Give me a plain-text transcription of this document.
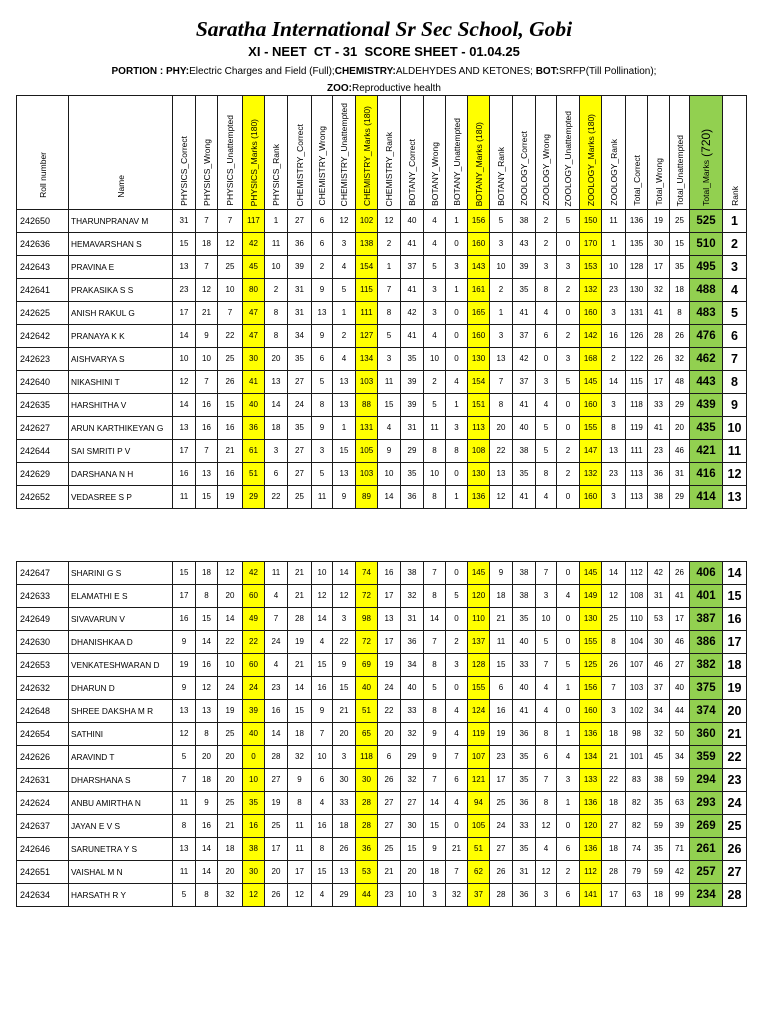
Saratha International Sr Sec School, Gobi
XI - NEET  CT - 31  SCORE SHEET - 01.04.25
PORTION : PHY:Electric Charges and Field (Full);CHEMISTRY:ALDEHYDES AND KETONES; BOT:SRFP(Till Pollination);
ZOO:Reproductive health
Roll number	Name	PHYSICS_Correct	PHYSICS_Wrong	PHYSICS_Unattempted	PHYSICS_Marks (180)	PHYSICS_Rank	CHEMISTRY_Correct	CHEMISTRY_Wrong	CHEMISTRY_Unattempted	CHEMISTRY_Marks (180)	CHEMISTRY_Rank	BOTANY_Correct	BOTANY_Wrong	BOTANY_Unattempted	BOTANY_Marks (180)	BOTANY_Rank	ZOOLOGY_Correct	ZOOLOGY_Wrong	ZOOLOGY_Unattempted	ZOOLOGY_Marks (180)	ZOOLOGY_Rank	Total_Correct	Total_Wrong	Total_Unattempted	Total_Marks(720)	Rank
242650	THARUNPRANAV M	31	7	7	117	1	27	6	12	102	12	40	4	1	156	5	38	2	5	150	11	136	19	25	525	1
242636	HEMAVARSHAN S	15	18	12	42	11	36	6	3	138	2	41	4	0	160	3	43	2	0	170	1	135	30	15	510	2
242643	PRAVINA E	13	7	25	45	10	39	2	4	154	1	37	5	3	143	10	39	3	3	153	10	128	17	35	495	3
242641	PRAKASIKA S S	23	12	10	80	2	31	9	5	115	7	41	3	1	161	2	35	8	2	132	23	130	32	18	488	4
242625	ANISH RAKUL G	17	21	7	47	8	31	13	1	111	8	42	3	0	165	1	41	4	0	160	3	131	41	8	483	5
242642	PRANAYA K K	14	9	22	47	8	34	9	2	127	5	41	4	0	160	3	37	6	2	142	16	126	28	26	476	6
242623	AISHVARYA S	10	10	25	30	20	35	6	4	134	3	35	10	0	130	13	42	0	3	168	2	122	26	32	462	7
242640	NIKASHINI T	12	7	26	41	13	27	5	13	103	11	39	2	4	154	7	37	3	5	145	14	115	17	48	443	8
242635	HARSHITHA V	14	16	15	40	14	24	8	13	88	15	39	5	1	151	8	41	4	0	160	3	118	33	29	439	9
242627	ARUN KARTHIKEYAN G	13	16	16	36	18	35	9	1	131	4	31	11	3	113	20	40	5	0	155	8	119	41	20	435	10
242644	SAI SMRITI P V	17	7	21	61	3	27	3	15	105	9	29	8	8	108	22	38	5	2	147	13	111	23	46	421	11
242629	DARSHANA N H	16	13	16	51	6	27	5	13	103	10	35	10	0	130	13	35	8	2	132	23	113	36	31	416	12
242652	VEDASREE S P	11	15	19	29	22	25	11	9	89	14	36	8	1	136	12	41	4	0	160	3	113	38	29	414	13
242647	SHARINI G S	15	18	12	42	11	21	10	14	74	16	38	7	0	145	9	38	7	0	145	14	112	42	26	406	14
242633	ELAMATHI E S	17	8	20	60	4	21	12	12	72	17	32	8	5	120	18	38	3	4	149	12	108	31	41	401	15
242649	SIVAVARUN V	16	15	14	49	7	28	14	3	98	13	31	14	0	110	21	35	10	0	130	25	110	53	17	387	16
242630	DHANISHKAA D	9	14	22	22	24	19	4	22	72	17	36	7	2	137	11	40	5	0	155	8	104	30	46	386	17
242653	VENKATESHWARAN D	19	16	10	60	4	21	15	9	69	19	34	8	3	128	15	33	7	5	125	26	107	46	27	382	18
242632	DHARUN D	9	12	24	24	23	14	16	15	40	24	40	5	0	155	6	40	4	1	156	7	103	37	40	375	19
242648	SHREE DAKSHA M R	13	13	19	39	16	15	9	21	51	22	33	8	4	124	16	41	4	0	160	3	102	34	44	374	20
242654	SATHINI	12	8	25	40	14	18	7	20	65	20	32	9	4	119	19	36	8	1	136	18	98	32	50	360	21
242626	ARAVIND T	5	20	20	0	28	32	10	3	118	6	29	9	7	107	23	35	6	4	134	21	101	45	34	359	22
242631	DHARSHANA S	7	18	20	10	27	9	6	30	30	26	32	7	6	121	17	35	7	3	133	22	83	38	59	294	23
242624	ANBU AMIRTHA N	11	9	25	35	19	8	4	33	28	27	27	14	4	94	25	36	8	1	136	18	82	35	63	293	24
242637	JAYAN E V S	8	16	21	16	25	11	16	18	28	27	30	15	0	105	24	33	12	0	120	27	82	59	39	269	25
242646	SARUNETRA Y S	13	14	18	38	17	11	8	26	36	25	15	9	21	51	27	35	4	6	136	18	74	35	71	261	26
242651	VAISHAL M N	11	14	20	30	20	17	15	13	53	21	20	18	7	62	26	31	12	2	112	28	79	59	42	257	27
242634	HARSATH R Y	5	8	32	12	26	12	4	29	44	23	10	3	32	37	28	36	3	6	141	17	63	18	99	234	28
